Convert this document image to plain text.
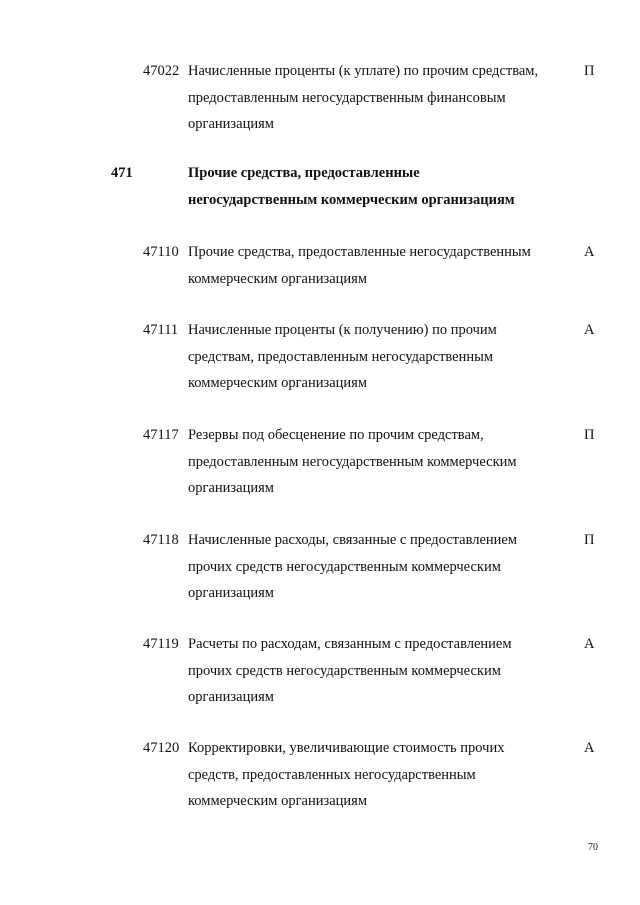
47022 Начисленные проценты (к уплате) по прочим средствам,
предоставленным негосударственным финансовым
организациям
П
471	Прочие средства, предоставленные
негосударственным коммерческим организациям
47110 Прочие средства, предоставленные негосударственным
коммерческим организациям
А
47111 Начисленные проценты (к получению) по прочим
средствам, предоставленным негосударственным
коммерческим организациям
А
47117 Резервы под обесценение по прочим средствам,
предоставленным негосударственным коммерческим
организациям
П
47118 Начисленные расходы, связанные с предоставлением
прочих средств негосударственным коммерческим
организациям
П
47119 Расчеты по расходам, связанным с предоставлением
прочих средств негосударственным коммерческим
организациям
А
47120 Корректировки, увеличивающие стоимость прочих
средств, предоставленных негосударственным
коммерческим организациям
А
70
